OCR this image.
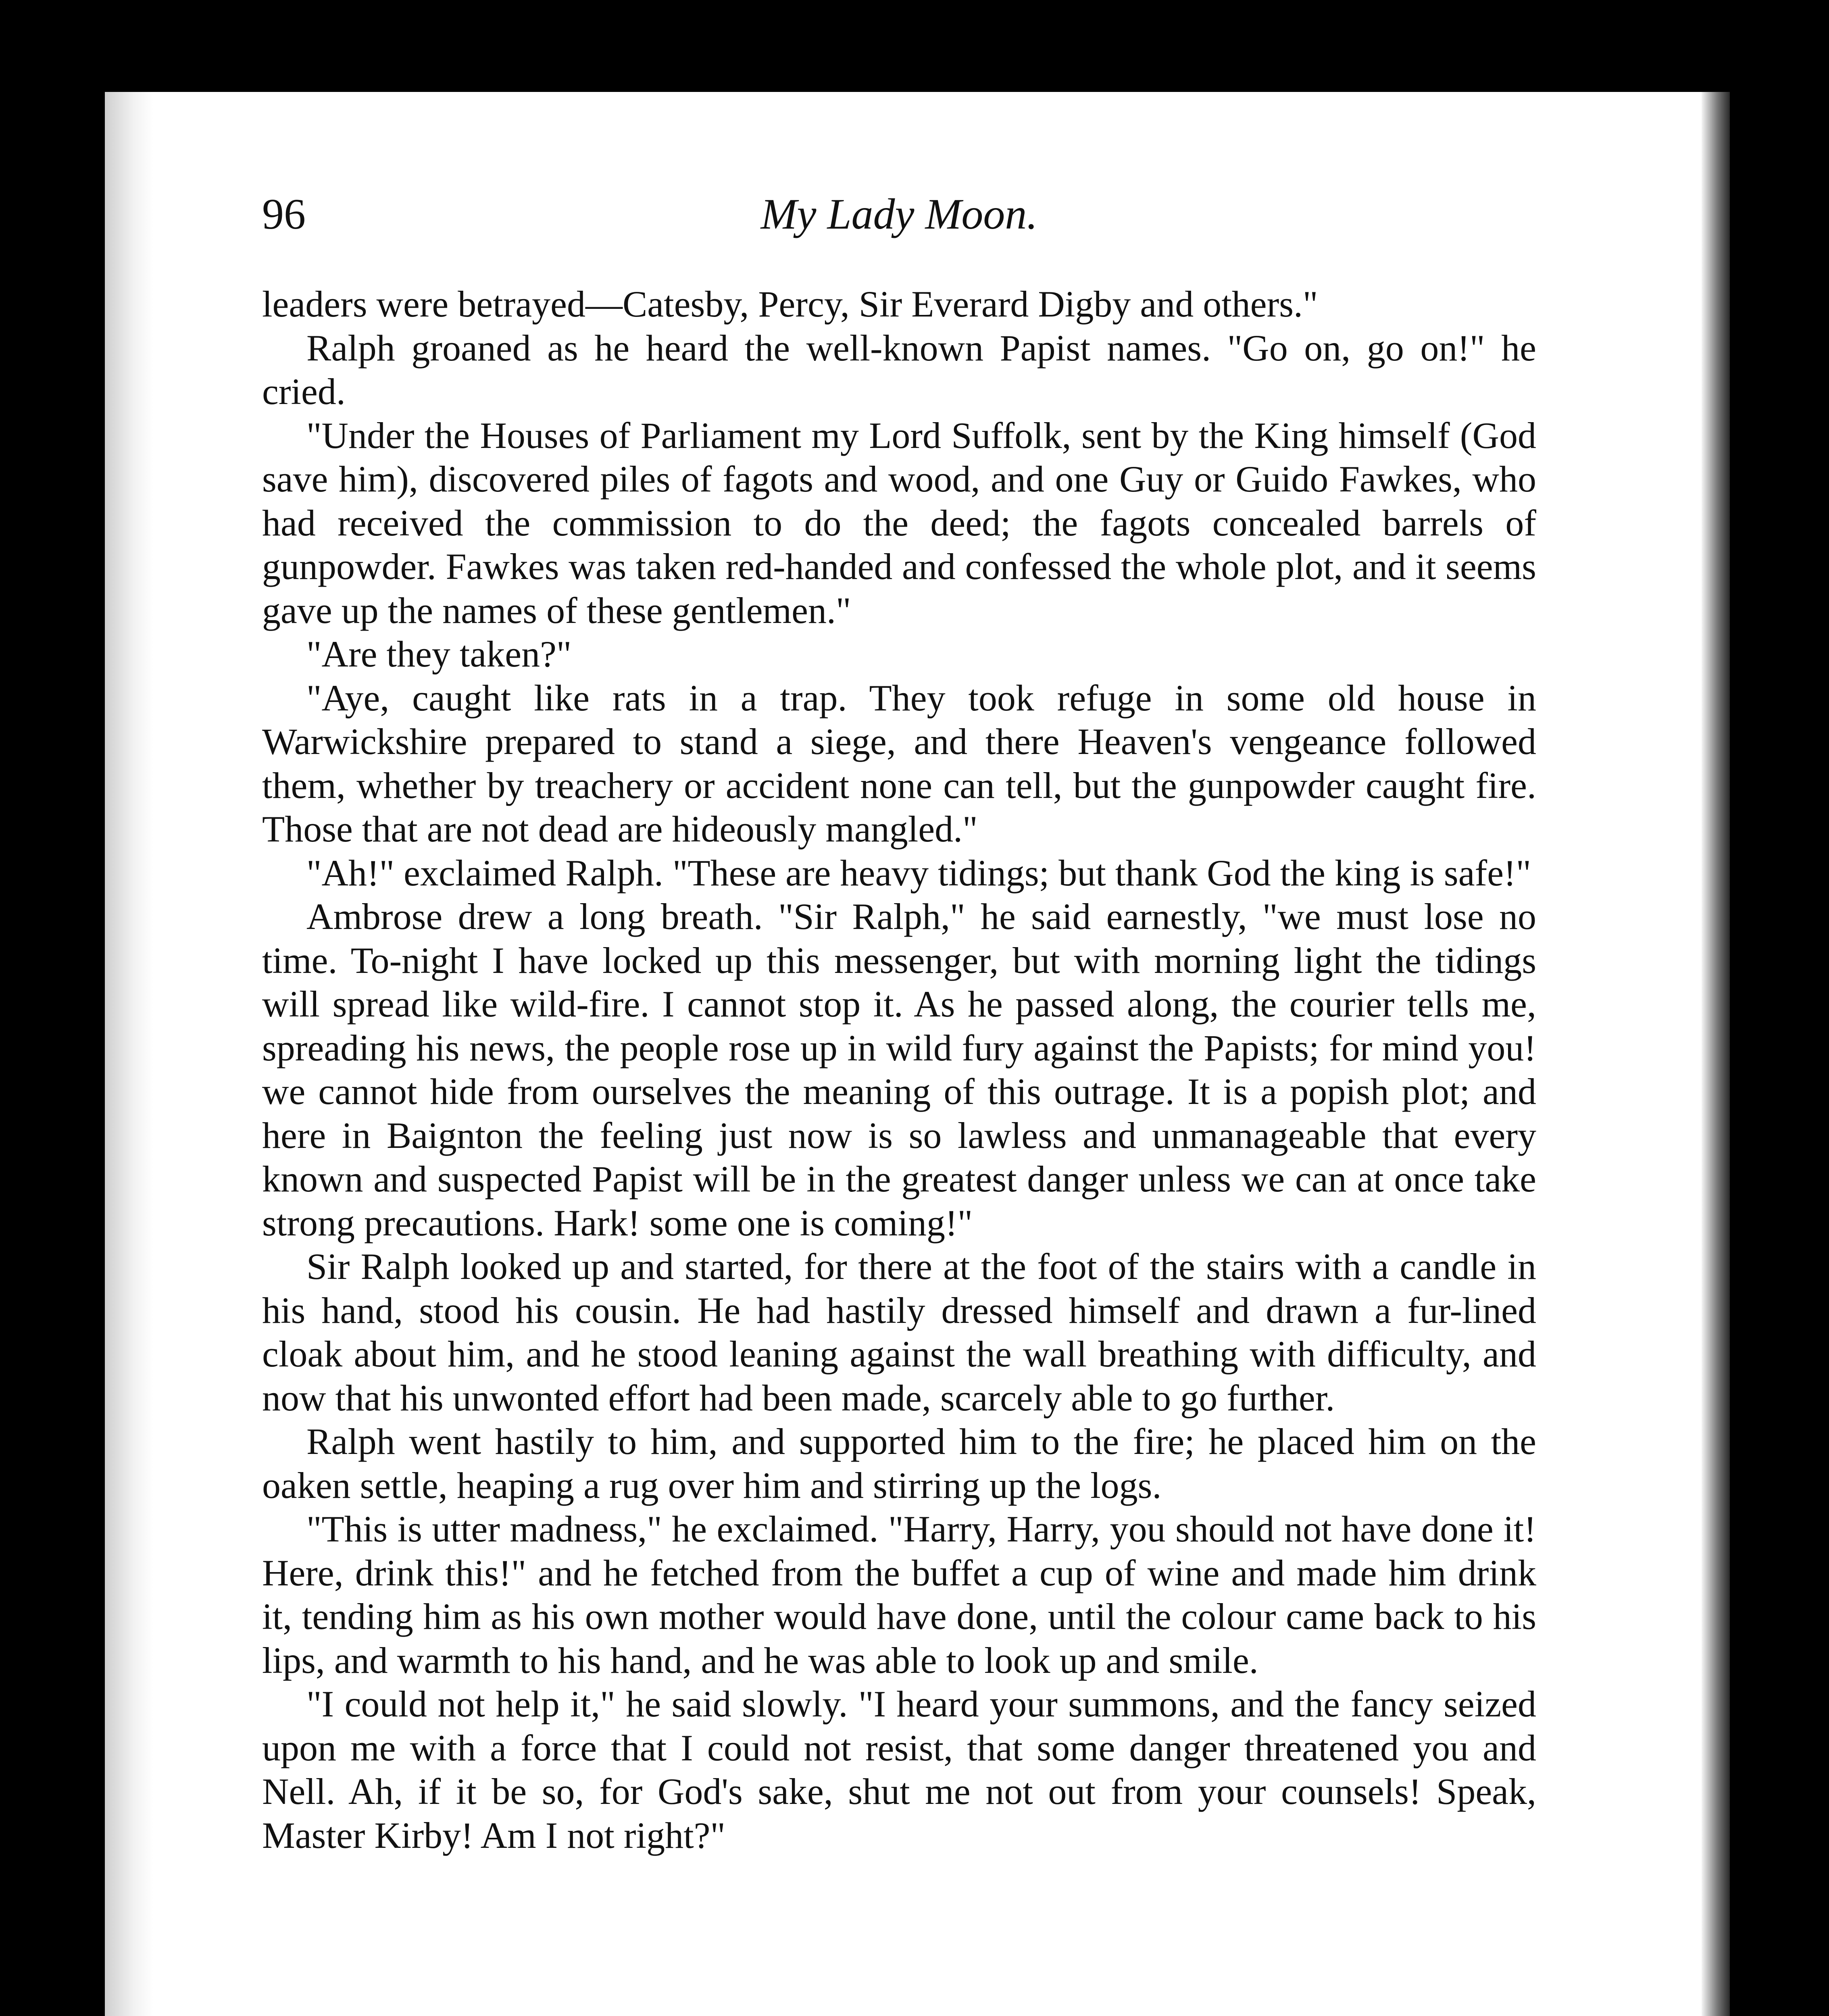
96	My Lady Moon.

leaders were betrayed—Catesby, Percy, Sir Everard Digby and others."

Ralph groaned as he heard the well-known Papist names. "Go on, go on!" he cried.

"Under the Houses of Parliament my Lord Suffolk, sent by the King himself (God save him), discovered piles of fagots and wood, and one Guy or Guido Fawkes, who had received the commission to do the deed; the fagots concealed barrels of gunpowder. Fawkes was taken red-handed and confessed the whole plot, and it seems gave up the names of these gentlemen."

"Are they taken?"

"Aye, caught like rats in a trap. They took refuge in some old house in Warwickshire prepared to stand a siege, and there Heaven's vengeance followed them, whether by treachery or accident none can tell, but the gunpowder caught fire. Those that are not dead are hideously mangled."

"Ah!" exclaimed Ralph. "These are heavy tidings; but thank God the king is safe!"

Ambrose drew a long breath. "Sir Ralph," he said earnestly, "we must lose no time. To-night I have locked up this messenger, but with morning light the tidings will spread like wild-fire. I cannot stop it. As he passed along, the courier tells me, spreading his news, the people rose up in wild fury against the Papists; for mind you! we cannot hide from ourselves the meaning of this outrage. It is a popish plot; and here in Baignton the feeling just now is so lawless and unmanageable that every known and suspected Papist will be in the greatest danger unless we can at once take strong precautions. Hark! some one is coming!"

Sir Ralph looked up and started, for there at the foot of the stairs with a candle in his hand, stood his cousin. He had hastily dressed himself and drawn a fur-lined cloak about him, and he stood leaning against the wall breathing with difficulty, and now that his unwonted effort had been made, scarcely able to go further.

Ralph went hastily to him, and supported him to the fire; he placed him on the oaken settle, heaping a rug over him and stirring up the logs.

"This is utter madness," he exclaimed. "Harry, Harry, you should not have done it! Here, drink this!" and he fetched from the buffet a cup of wine and made him drink it, tending him as his own mother would have done, until the colour came back to his lips, and warmth to his hand, and he was able to look up and smile.

"I could not help it," he said slowly. "I heard your summons, and the fancy seized upon me with a force that I could not resist, that some danger threatened you and Nell. Ah, if it be so, for God's sake, shut me not out from your counsels! Speak, Master Kirby! Am I not right?"
